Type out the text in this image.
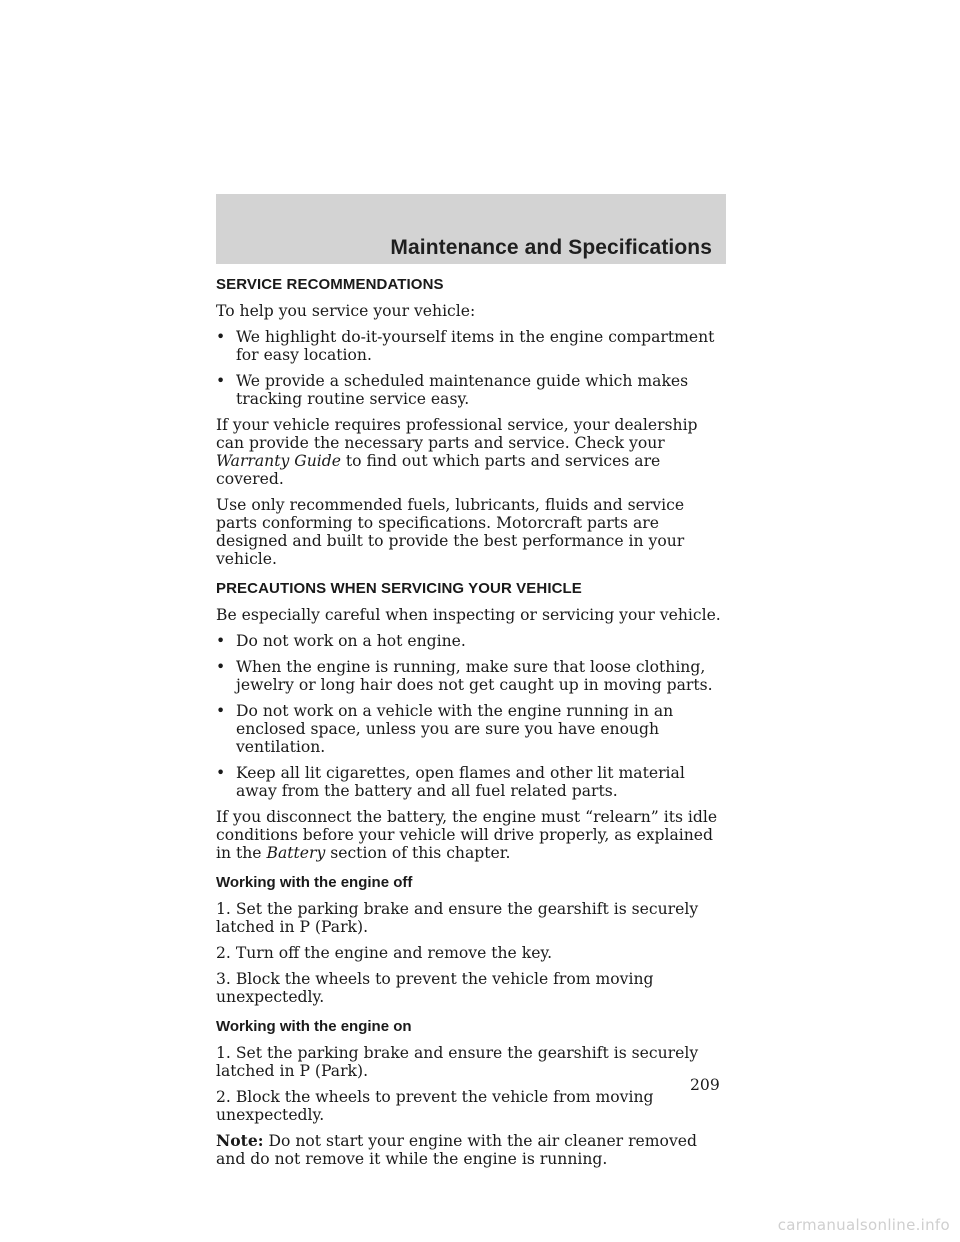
Maintenance and Specifications
SERVICE RECOMMENDATIONS

To help you service your vehicle:

• We highlight do-it-yourself items in the engine compartment for easy location.
• We provide a scheduled maintenance guide which makes tracking routine service easy.

If your vehicle requires professional service, your dealership can provide the necessary parts and service. Check your Warranty Guide to find out which parts and services are covered.

Use only recommended fuels, lubricants, fluids and service parts conforming to specifications. Motorcraft parts are designed and built to provide the best performance in your vehicle.

PRECAUTIONS WHEN SERVICING YOUR VEHICLE

Be especially careful when inspecting or servicing your vehicle.

• Do not work on a hot engine.
• When the engine is running, make sure that loose clothing, jewelry or long hair does not get caught up in moving parts.
• Do not work on a vehicle with the engine running in an enclosed space, unless you are sure you have enough ventilation.
• Keep all lit cigarettes, open flames and other lit material away from the battery and all fuel related parts.

If you disconnect the battery, the engine must “relearn” its idle conditions before your vehicle will drive properly, as explained in the Battery section of this chapter.

Working with the engine off

1. Set the parking brake and ensure the gearshift is securely latched in P (Park).

2. Turn off the engine and remove the key.

3. Block the wheels to prevent the vehicle from moving unexpectedly.

Working with the engine on

1. Set the parking brake and ensure the gearshift is securely latched in P (Park).

2. Block the wheels to prevent the vehicle from moving unexpectedly.

Note: Do not start your engine with the air cleaner removed and do not remove it while the engine is running.

209
carmanualsonline.info
